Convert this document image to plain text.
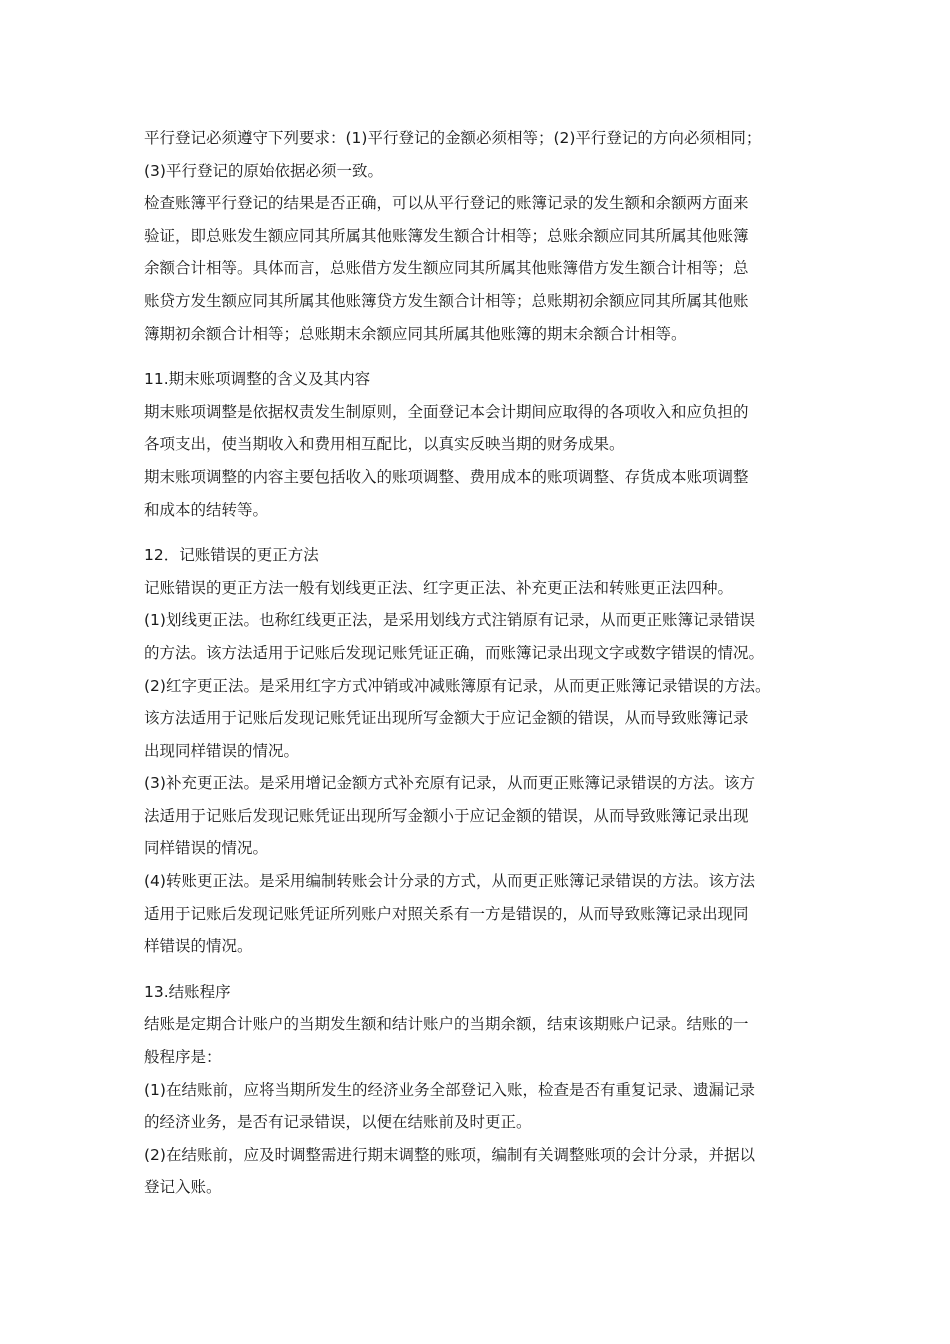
平行登记必须遵守下列要求：(1)平行登记的金额必须相等；(2)平行登记的方向必须相同；
(3)平行登记的原始依据必须一致。
检查账簿平行登记的结果是否正确，可以从平行登记的账簿记录的发生额和余额两方面来
验证，即总账发生额应同其所属其他账簿发生额合计相等；总账余额应同其所属其他账簿
余额合计相等。具体而言，总账借方发生额应同其所属其他账簿借方发生额合计相等；总
账贷方发生额应同其所属其他账簿贷方发生额合计相等；总账期初余额应同其所属其他账
簿期初余额合计相等；总账期末余额应同其所属其他账簿的期末余额合计相等。
11.期末账项调整的含义及其内容
期末账项调整是依据权责发生制原则，全面登记本会计期间应取得的各项收入和应负担的
各项支出，使当期收入和费用相互配比，以真实反映当期的财务成果。
期末账项调整的内容主要包括收入的账项调整、费用成本的账项调整、存货成本账项调整
和成本的结转等。
12．记账错误的更正方法
记账错误的更正方法一般有划线更正法、红字更正法、补充更正法和转账更正法四种。
(1)划线更正法。也称红线更正法，是采用划线方式注销原有记录，从而更正账簿记录错误
的方法。该方法适用于记账后发现记账凭证正确，而账簿记录出现文字或数字错误的情况。
(2)红字更正法。是采用红字方式冲销或冲减账簿原有记录，从而更正账簿记录错误的方法。
该方法适用于记账后发现记账凭证出现所写金额大于应记金额的错误，从而导致账簿记录
出现同样错误的情况。
(3)补充更正法。是采用增记金额方式补充原有记录，从而更正账簿记录错误的方法。该方
法适用于记账后发现记账凭证出现所写金额小于应记金额的错误，从而导致账簿记录出现
同样错误的情况。
(4)转账更正法。是采用编制转账会计分录的方式，从而更正账簿记录错误的方法。该方法
适用于记账后发现记账凭证所列账户对照关系有一方是错误的，从而导致账簿记录出现同
样错误的情况。
13.结账程序
结账是定期合计账户的当期发生额和结计账户的当期余额，结束该期账户记录。结账的一
般程序是：
(1)在结账前，应将当期所发生的经济业务全部登记入账，检查是否有重复记录、遗漏记录
的经济业务，是否有记录错误，以便在结账前及时更正。
(2)在结账前，应及时调整需进行期末调整的账项，编制有关调整账项的会计分录，并据以
登记入账。
